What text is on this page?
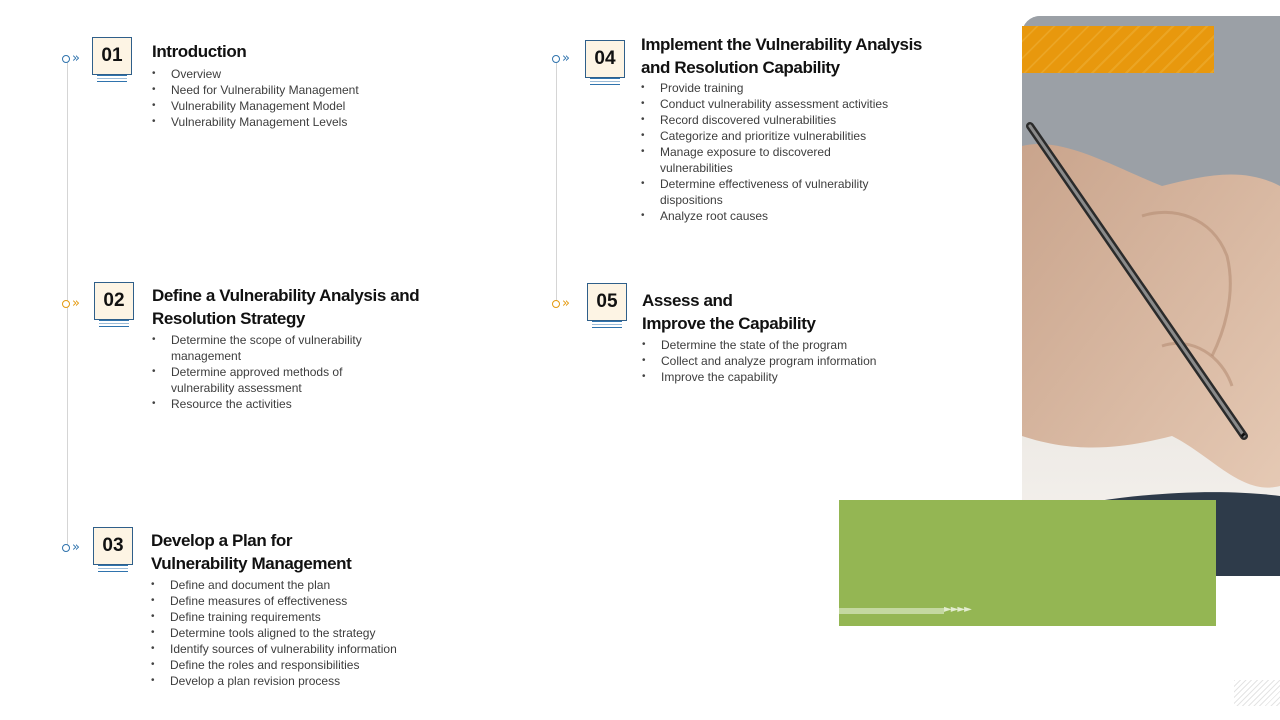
»
»
»
»
»
01 Introduction
• Overview
• Need for Vulnerability Management
• Vulnerability Management Model
• Vulnerability Management Levels
02 Define a Vulnerability Analysis and
Resolution Strategy
• Determine the scope of vulnerability management
• Determine approved methods of vulnerability assessment
• Resource the activities
03 Develop a Plan for
Vulnerability Management
• Define and document the plan
• Define measures of effectiveness
• Define training requirements
• Determine tools aligned to the strategy
• Identify sources of vulnerability information
• Define the roles and responsibilities
• Develop a plan revision process
04
Implement the Vulnerability Analysis
and Resolution Capability
• Provide training
• Conduct vulnerability assessment activities
• Record discovered vulnerabilities
• Categorize and prioritize vulnerabilities
• Manage exposure to discovered vulnerabilities
• Determine effectiveness of vulnerability dispositions
• Analyze root causes
05 Assess and
Improve the Capability
• Determine the state of the program
• Collect and analyze program information
• Improve the capability
►►►►
